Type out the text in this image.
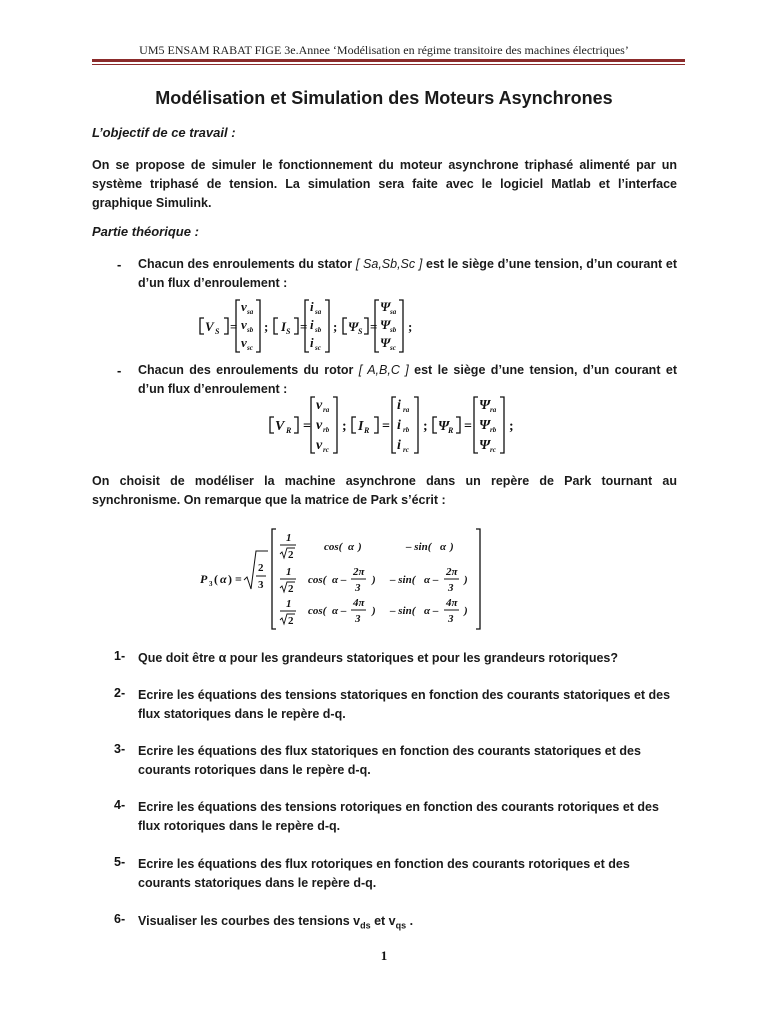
UM5 ENSAM RABAT FIGE 3e.Annee ‘Modélisation en régime transitoire des machines électriques’
Modélisation et Simulation des Moteurs Asynchrones
L’objectif de ce travail :
On se propose de simuler le fonctionnement du moteur asynchrone triphasé alimenté par un système triphasé de tension. La simulation sera faite avec le logiciel Matlab et l’interface graphique Simulink.
Partie théorique :
- Chacun des enroulements du stator [ Sa,Sb,Sc ] est le siège d’une tension, d’un courant et d’un flux d’enroulement :
V S =
v sa
v sb
v sc
; I S =
i sa
i sb
i sc
; Ψ S =
Ψ sa
Ψ sb
Ψ sc
;
- Chacun des enroulements du rotor [ A,B,C ] est le siège d’une tension, d’un courant et d’un flux d’enroulement :
V R =
v ra
v rb
v rc
; I R =
i ra
i rb
i rc
; Ψ
R =
Ψ ra
Ψ rb
Ψ rc
;
On choisit de modéliser la machine asynchrone dans un repère de Park tournant au synchronisme. On remarque que la matrice de Park s’écrit :
P 3 ( α ) =
2
3
1
2
cos( α )	– sin( α )
1
2
cos( α –
2π
3
) – sin( α –
2π
3
)
1
2
cos( α –
4π
3
) – sin( α –
4π
3
)
1- Que doit être α pour les grandeurs statoriques et pour les grandeurs rotoriques?
2- Ecrire les équations des tensions statoriques en fonction des courants statoriques et des flux statoriques dans le repère d-q.
3- Ecrire les équations des flux statoriques en fonction des courants statoriques et des courants rotoriques dans le repère d-q.
4- Ecrire les équations des tensions rotoriques en fonction des courants rotoriques et des flux rotoriques dans le repère d-q.
5- Ecrire les équations des flux rotoriques en fonction des courants rotoriques et des courants statoriques dans le repère d-q.
6- Visualiser les courbes des tensions $v_{ds}$ et $v_{qs}$ .
1
